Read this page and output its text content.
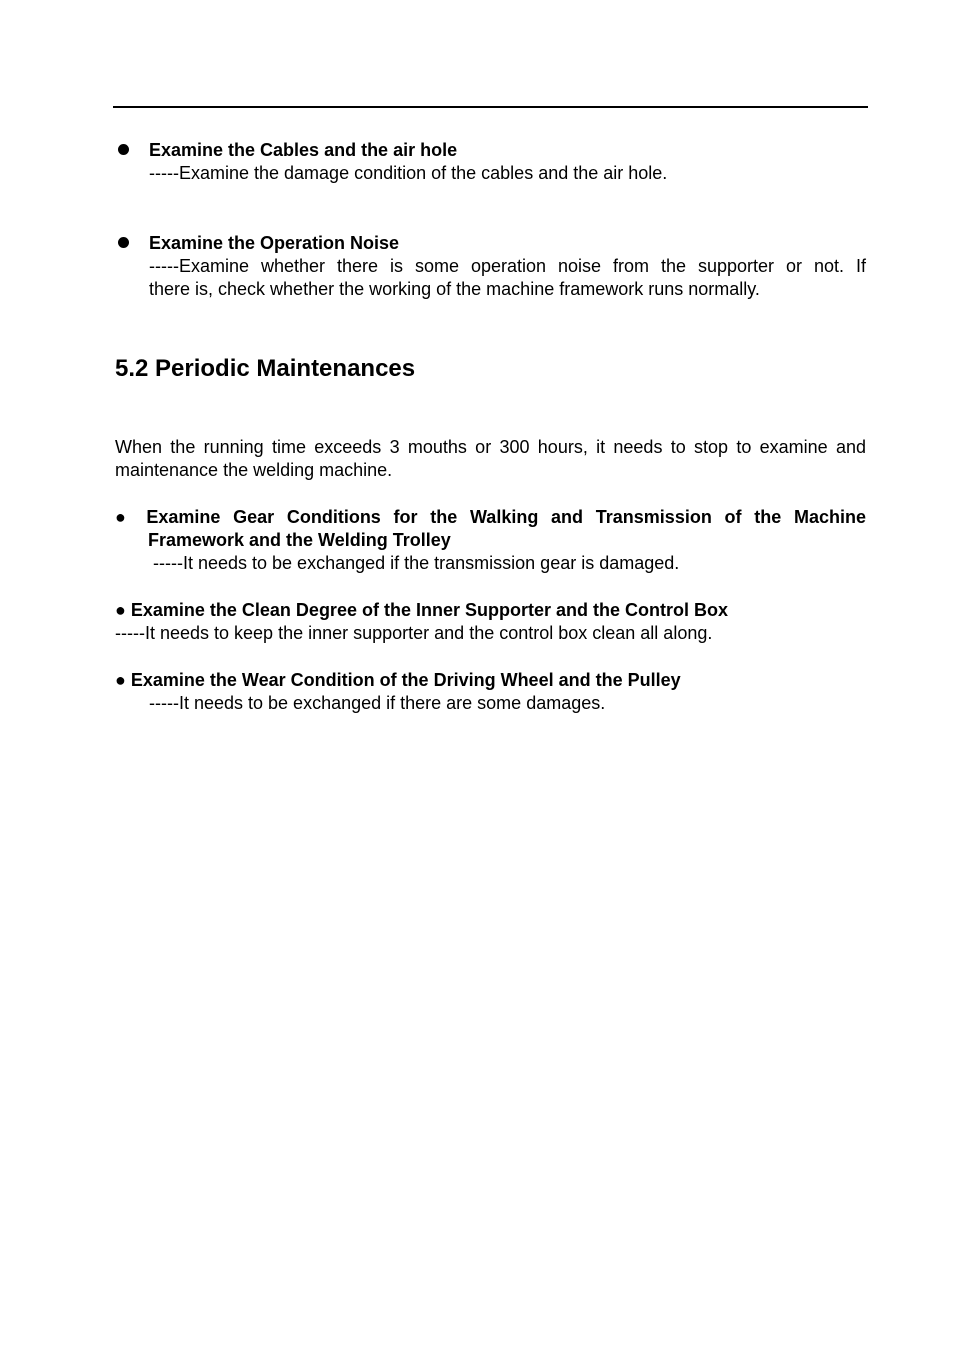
Examine the Cables and the air hole
-----Examine the damage condition of the cables and the air hole.
Examine the Operation Noise
-----Examine whether there is some operation noise from the supporter or not. If
there is, check whether the working of the machine framework runs normally.
5.2 Periodic Maintenances
When the running time exceeds 3 mouths or 300 hours, it needs to stop to examine and
maintenance the welding machine.
● Examine Gear Conditions for the Walking and Transmission of the Machine
Framework and the Welding Trolley
-----It needs to be exchanged if the transmission gear is damaged.
● Examine the Clean Degree of the Inner Supporter and the Control Box
-----It needs to keep the inner supporter and the control box clean all along.
● Examine the Wear Condition of the Driving Wheel and the Pulley
-----It needs to be exchanged if there are some damages.
